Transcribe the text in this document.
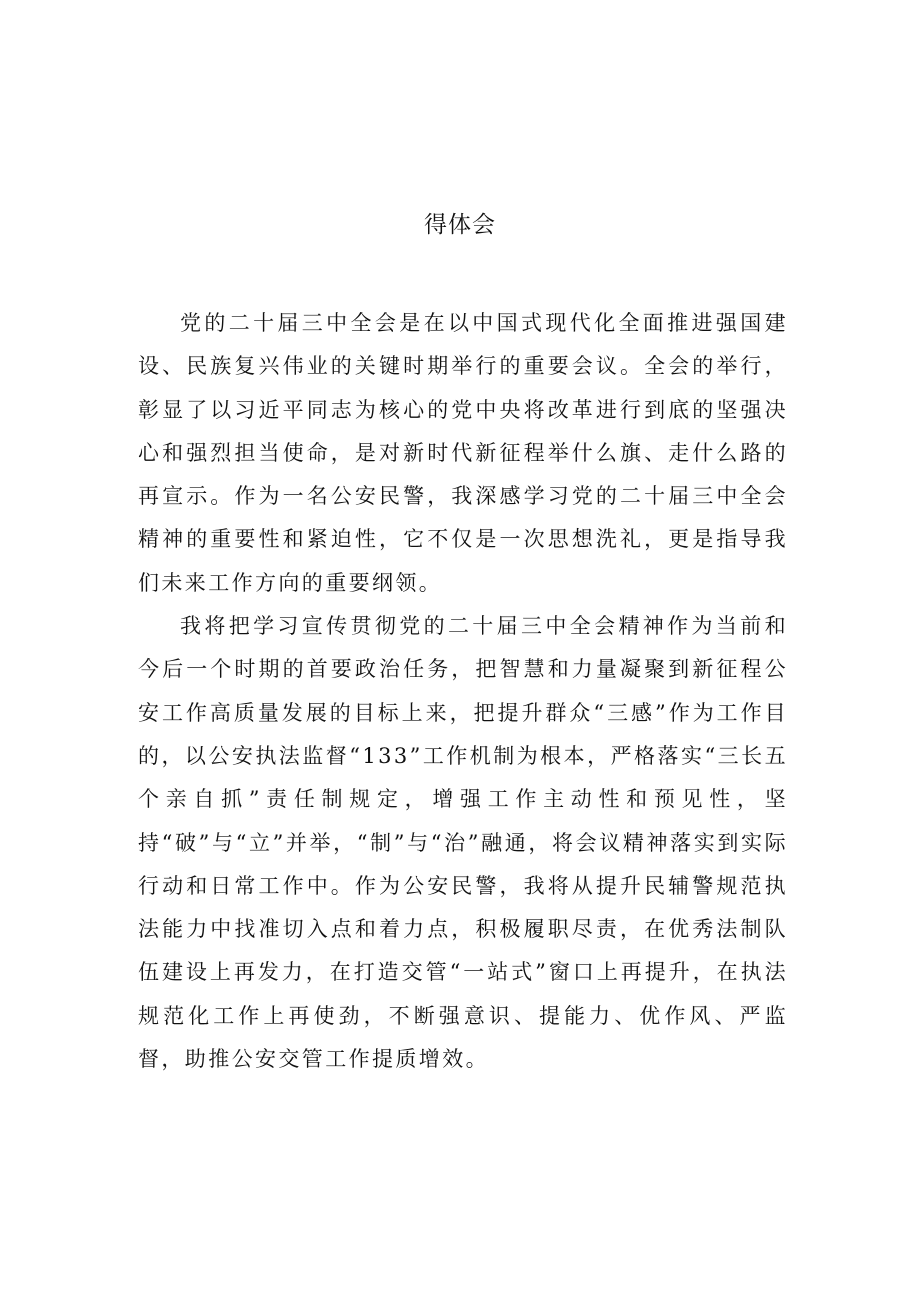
得体会

党的二十届三中全会是在以中国式现代化全面推进强国建设、民族复兴伟业的关键时期举行的重要会议。全会的举行，彰显了以习近平同志为核心的党中央将改革进行到底的坚强决心和强烈担当使命，是对新时代新征程举什么旗、走什么路的再宣示。作为一名公安民警，我深感学习党的二十届三中全会精神的重要性和紧迫性，它不仅是一次思想洗礼，更是指导我们未来工作方向的重要纲领。

我将把学习宣传贯彻党的二十届三中全会精神作为当前和今后一个时期的首要政治任务，把智慧和力量凝聚到新征程公安工作高质量发展的目标上来，把提升群众“三感”作为工作目的，以公安执法监督“133”工作机制为根本，严格落实“三长五个亲自抓”责任制规定，增强工作主动性和预见性，坚持“破”与“立”并举，“制”与“治”融通，将会议精神落实到实际行动和日常工作中。作为公安民警，我将从提升民辅警规范执法能力中找准切入点和着力点，积极履职尽责，在优秀法制队伍建设上再发力，在打造交管“一站式”窗口上再提升，在执法规范化工作上再使劲，不断强意识、提能力、优作风、严监督，助推公安交管工作提质增效。
